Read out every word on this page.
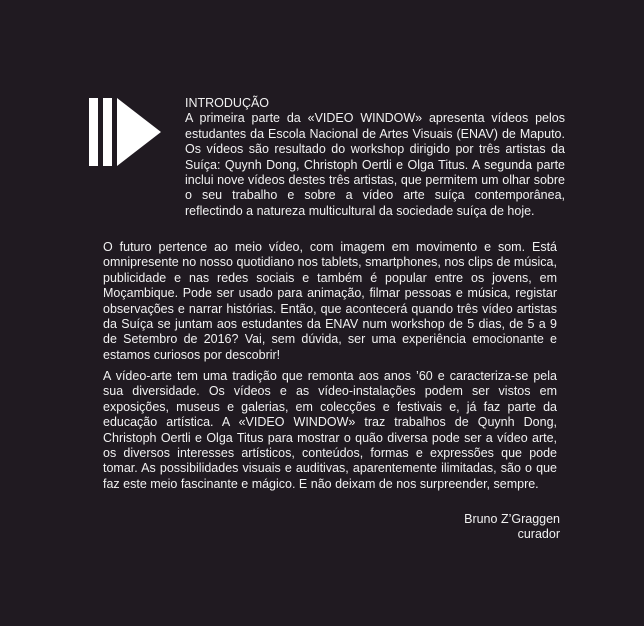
INTRODUÇÃO

A primeira parte da «VIDEO WINDOW» apresenta vídeos pelos estudantes da Escola Nacional de Artes Visuais (ENAV) de Maputo. Os vídeos são resultado do workshop dirigido por três artistas da Suíça: Quynh Dong, Christoph Oertli e Olga Titus. A segunda parte inclui nove vídeos destes três artistas, que permitem um olhar sobre o seu trabalho e sobre a vídeo arte suíça contemporânea, reflectindo a natureza multicultural da sociedade suíça de hoje.

O futuro pertence ao meio vídeo, com imagem em movimento e som. Está omnipresente no nosso quotidiano nos tablets, smartphones, nos clips de música, publicidade e nas redes sociais e também é popular entre os jovens, em Moçambique. Pode ser usado para animação, filmar pessoas e música, registar observações e narrar histórias. Então, que acontecerá quando três vídeo artistas da Suíça se juntam aos estudantes da ENAV num workshop de 5 dias, de 5 a 9 de Setembro de 2016? Vai, sem dúvida, ser uma experiência emocionante e estamos curiosos por descobrir!

A vídeo-arte tem uma tradição que remonta aos anos ’60 e caracteriza-se pela sua diversidade. Os vídeos e as vídeo-instalações podem ser vistos em exposições, museus e galerias, em colecções e festivais e, já faz parte da educação artística. A «VIDEO WINDOW» traz trabalhos de Quynh Dong, Christoph Oertli e Olga Titus para mostrar o quão diversa pode ser a vídeo arte, os diversos interesses artísticos, conteúdos, formas e expressões que pode tomar. As possibilidades visuais e auditivas, aparentemente ilimitadas, são o que faz este meio fascinante e mágico. E não deixam de nos surpreender, sempre.

Bruno Z’Graggen
curador
